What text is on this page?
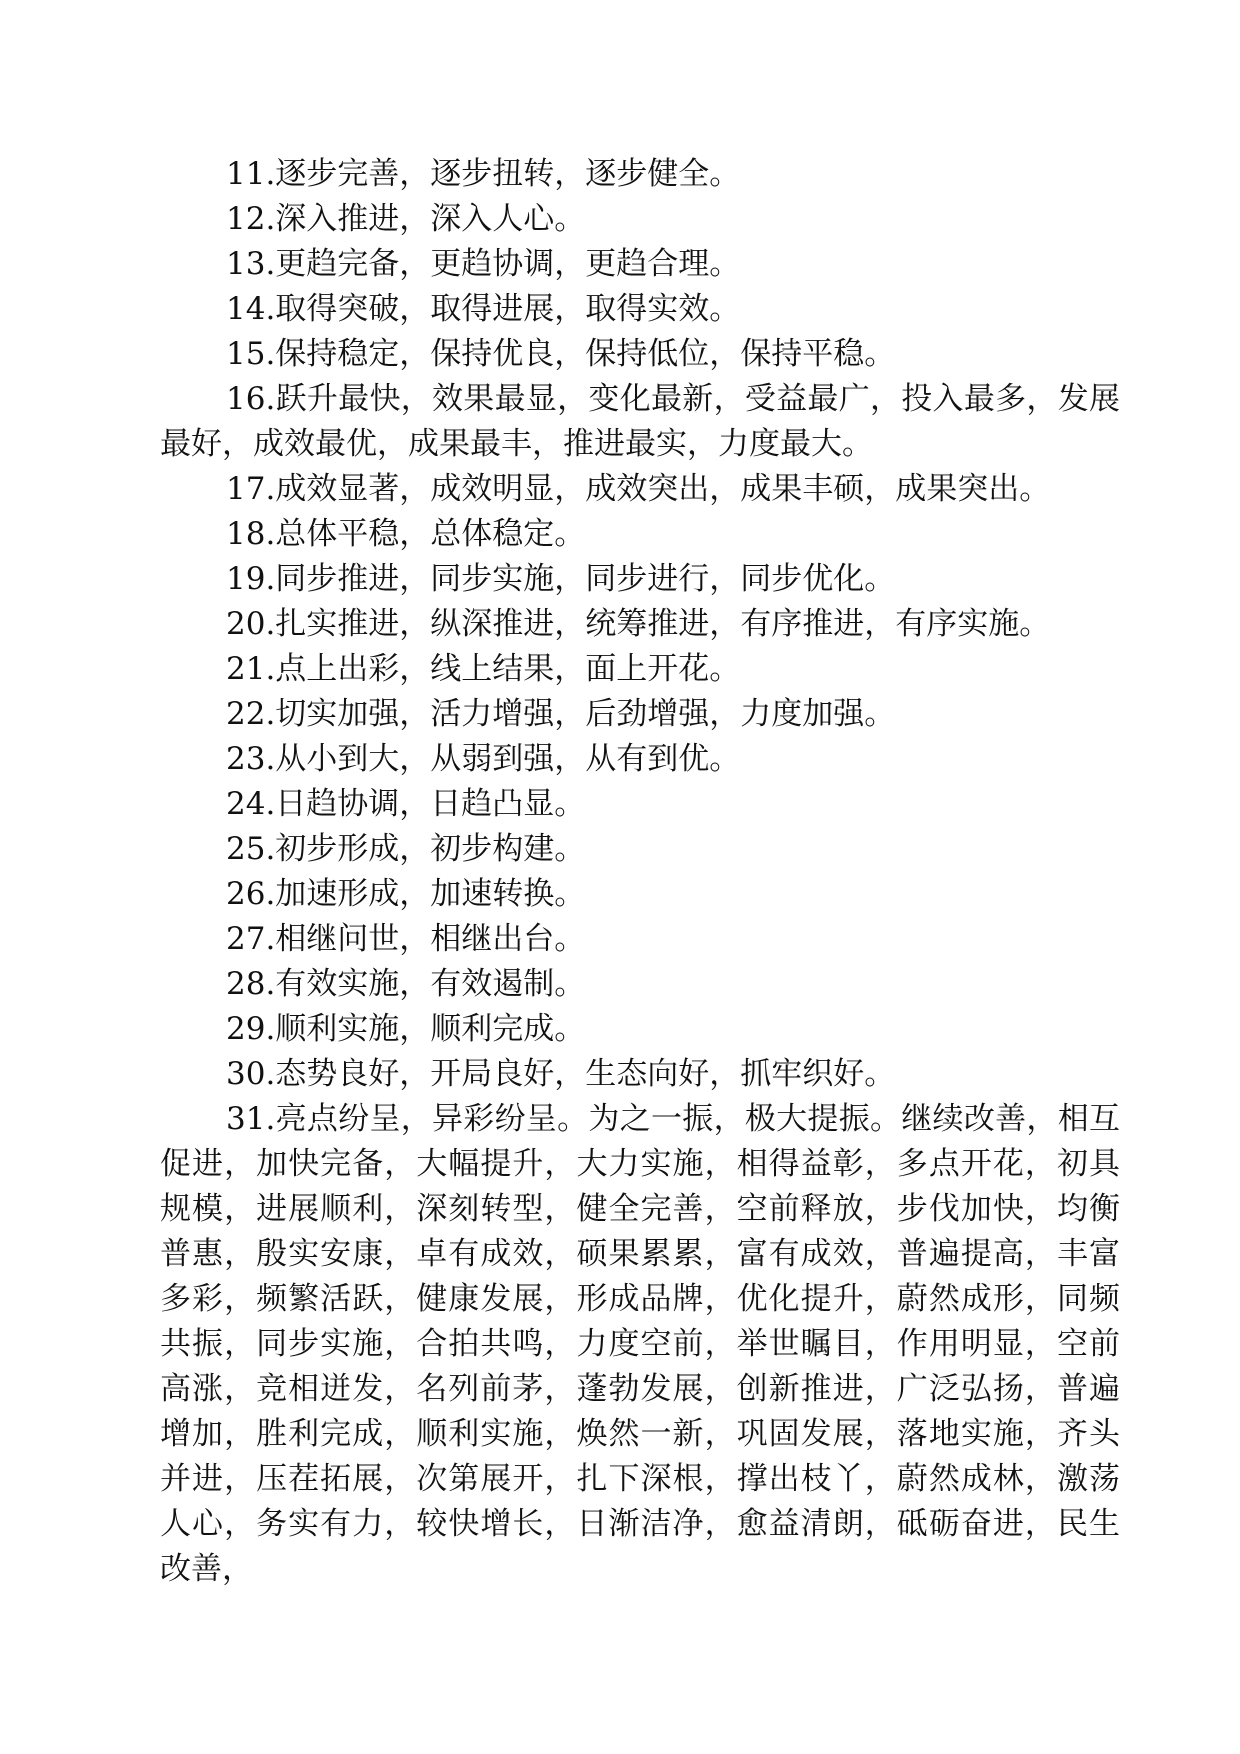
11.逐步完善，逐步扭转，逐步健全。

12.深入推进，深入人心。

13.更趋完备，更趋协调，更趋合理。

14.取得突破，取得进展，取得实效。

15.保持稳定，保持优良，保持低位，保持平稳。

16.跃升最快，效果最显，变化最新，受益最广，投入最多，发展最好，成效最优，成果最丰，推进最实，力度最大。

17.成效显著，成效明显，成效突出，成果丰硕，成果突出。

18.总体平稳，总体稳定。

19.同步推进，同步实施，同步进行，同步优化。

20.扎实推进，纵深推进，统筹推进，有序推进，有序实施。

21.点上出彩，线上结果，面上开花。

22.切实加强，活力增强，后劲增强，力度加强。

23.从小到大，从弱到强，从有到优。

24.日趋协调，日趋凸显。

25.初步形成，初步构建。

26.加速形成，加速转换。

27.相继问世，相继出台。

28.有效实施，有效遏制。

29.顺利实施，顺利完成。

30.态势良好，开局良好，生态向好，抓牢织好。

31.亮点纷呈，异彩纷呈。为之一振，极大提振。继续改善，相互促进，加快完备，大幅提升，大力实施，相得益彰，多点开花，初具规模，进展顺利，深刻转型，健全完善，空前释放，步伐加快，均衡普惠，殷实安康，卓有成效，硕果累累，富有成效，普遍提高，丰富多彩，频繁活跃，健康发展，形成品牌，优化提升，蔚然成形，同频共振，同步实施，合拍共鸣，力度空前，举世瞩目，作用明显，空前高涨，竞相迸发，名列前茅，蓬勃发展，创新推进，广泛弘扬，普遍增加，胜利完成，顺利实施，焕然一新，巩固发展，落地实施，齐头并进，压茬拓展，次第展开，扎下深根，撑出枝丫，蔚然成林，激荡人心，务实有力，较快增长，日渐洁净，愈益清朗，砥砺奋进，民生改善，
